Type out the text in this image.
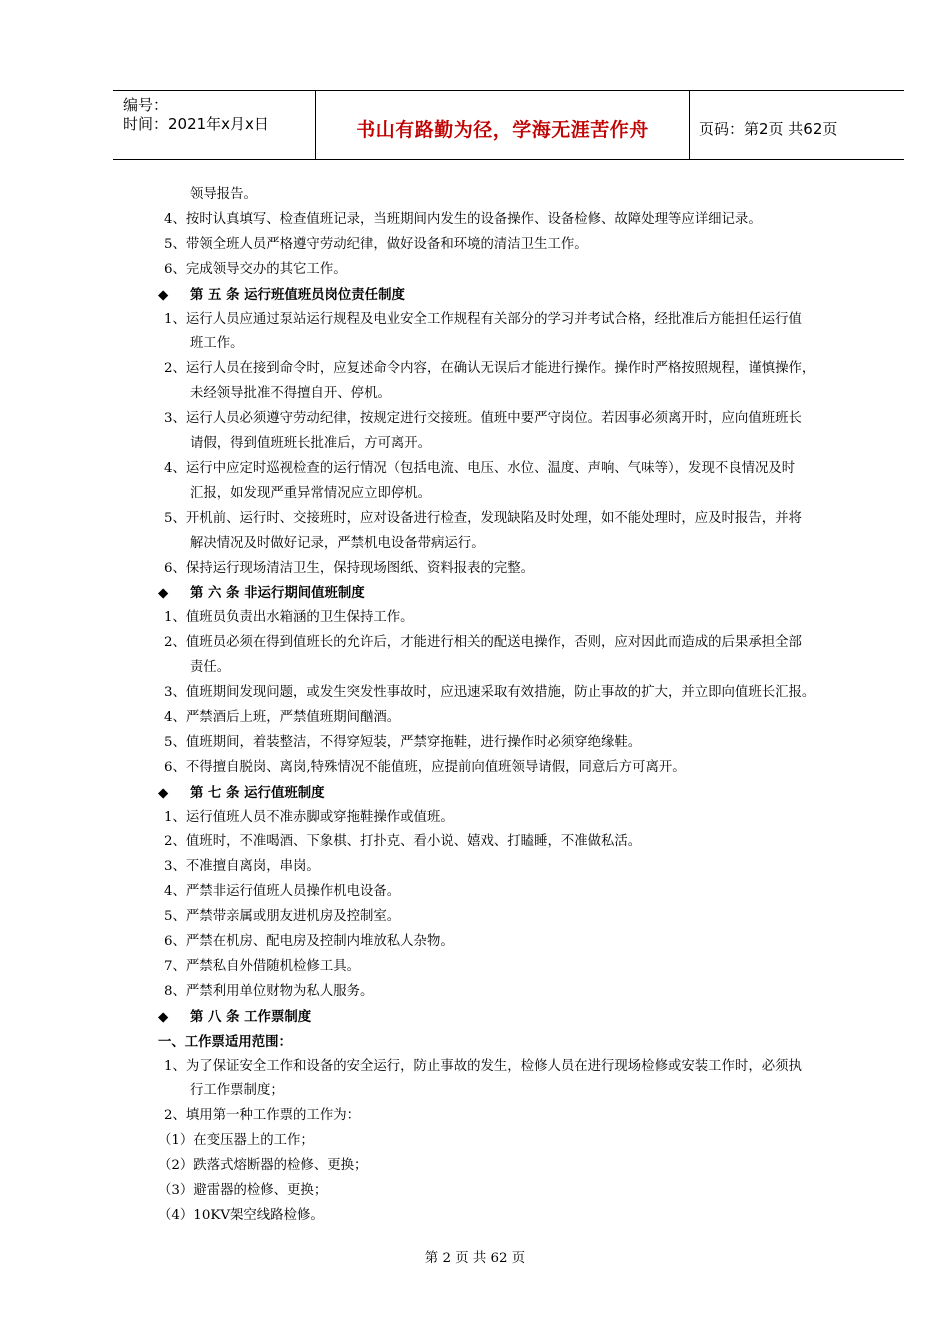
编号：
时间：2021年x月x日	书山有路勤为径，学海无涯苦作舟	页码：第2页 共62页
领导报告。
4、按时认真填写、检查值班记录，当班期间内发生的设备操作、设备检修、故障处理等应详细记录。
5、带领全班人员严格遵守劳动纪律，做好设备和环境的清洁卫生工作。
6、完成领导交办的其它工作。
◆ 第 五 条 运行班值班员岗位责任制度
1、运行人员应通过泵站运行规程及电业安全工作规程有关部分的学习并考试合格，经批准后方能担任运行值
班工作。
2、运行人员在接到命令时，应复述命令内容，在确认无误后才能进行操作。操作时严格按照规程，谨慎操作，
未经领导批准不得擅自开、停机。
3、运行人员必须遵守劳动纪律，按规定进行交接班。值班中要严守岗位。若因事必须离开时，应向值班班长
请假，得到值班班长批准后，方可离开。
4、运行中应定时巡视检查的运行情况（包括电流、电压、水位、温度、声响、气味等），发现不良情况及时
汇报，如发现严重异常情况应立即停机。
5、开机前、运行时、交接班时，应对设备进行检查，发现缺陷及时处理，如不能处理时，应及时报告，并将
解决情况及时做好记录，严禁机电设备带病运行。
6、保持运行现场清洁卫生，保持现场图纸、资料报表的完整。
◆ 第 六 条 非运行期间值班制度
1、值班员负责出水箱涵的卫生保持工作。
2、值班员必须在得到值班长的允许后，才能进行相关的配送电操作，否则，应对因此而造成的后果承担全部
责任。
3、值班期间发现问题，或发生突发性事故时，应迅速采取有效措施，防止事故的扩大，并立即向值班长汇报。
4、严禁酒后上班，严禁值班期间酗酒。
5、值班期间，着装整洁，不得穿短装，严禁穿拖鞋，进行操作时必须穿绝缘鞋。
6、不得擅自脱岗、离岗,特殊情况不能值班，应提前向值班领导请假，同意后方可离开。
◆ 第 七 条 运行值班制度
1、运行值班人员不准赤脚或穿拖鞋操作或值班。
2、值班时，不准喝酒、下象棋、打扑克、看小说、嬉戏、打瞌睡，不准做私活。
3、不准擅自离岗，串岗。
4、严禁非运行值班人员操作机电设备。
5、严禁带亲属或朋友进机房及控制室。
6、严禁在机房、配电房及控制内堆放私人杂物。
7、严禁私自外借随机检修工具。
8、严禁利用单位财物为私人服务。
◆ 第 八 条 工作票制度
一、工作票适用范围：
1、为了保证安全工作和设备的安全运行，防止事故的发生，检修人员在进行现场检修或安装工作时，必须执
行工作票制度；
2、填用第一种工作票的工作为：
（1）在变压器上的工作；
（2）跌落式熔断器的检修、更换；
（3）避雷器的检修、更换；
（4）10KV架空线路检修。
第 2 页 共 62 页
